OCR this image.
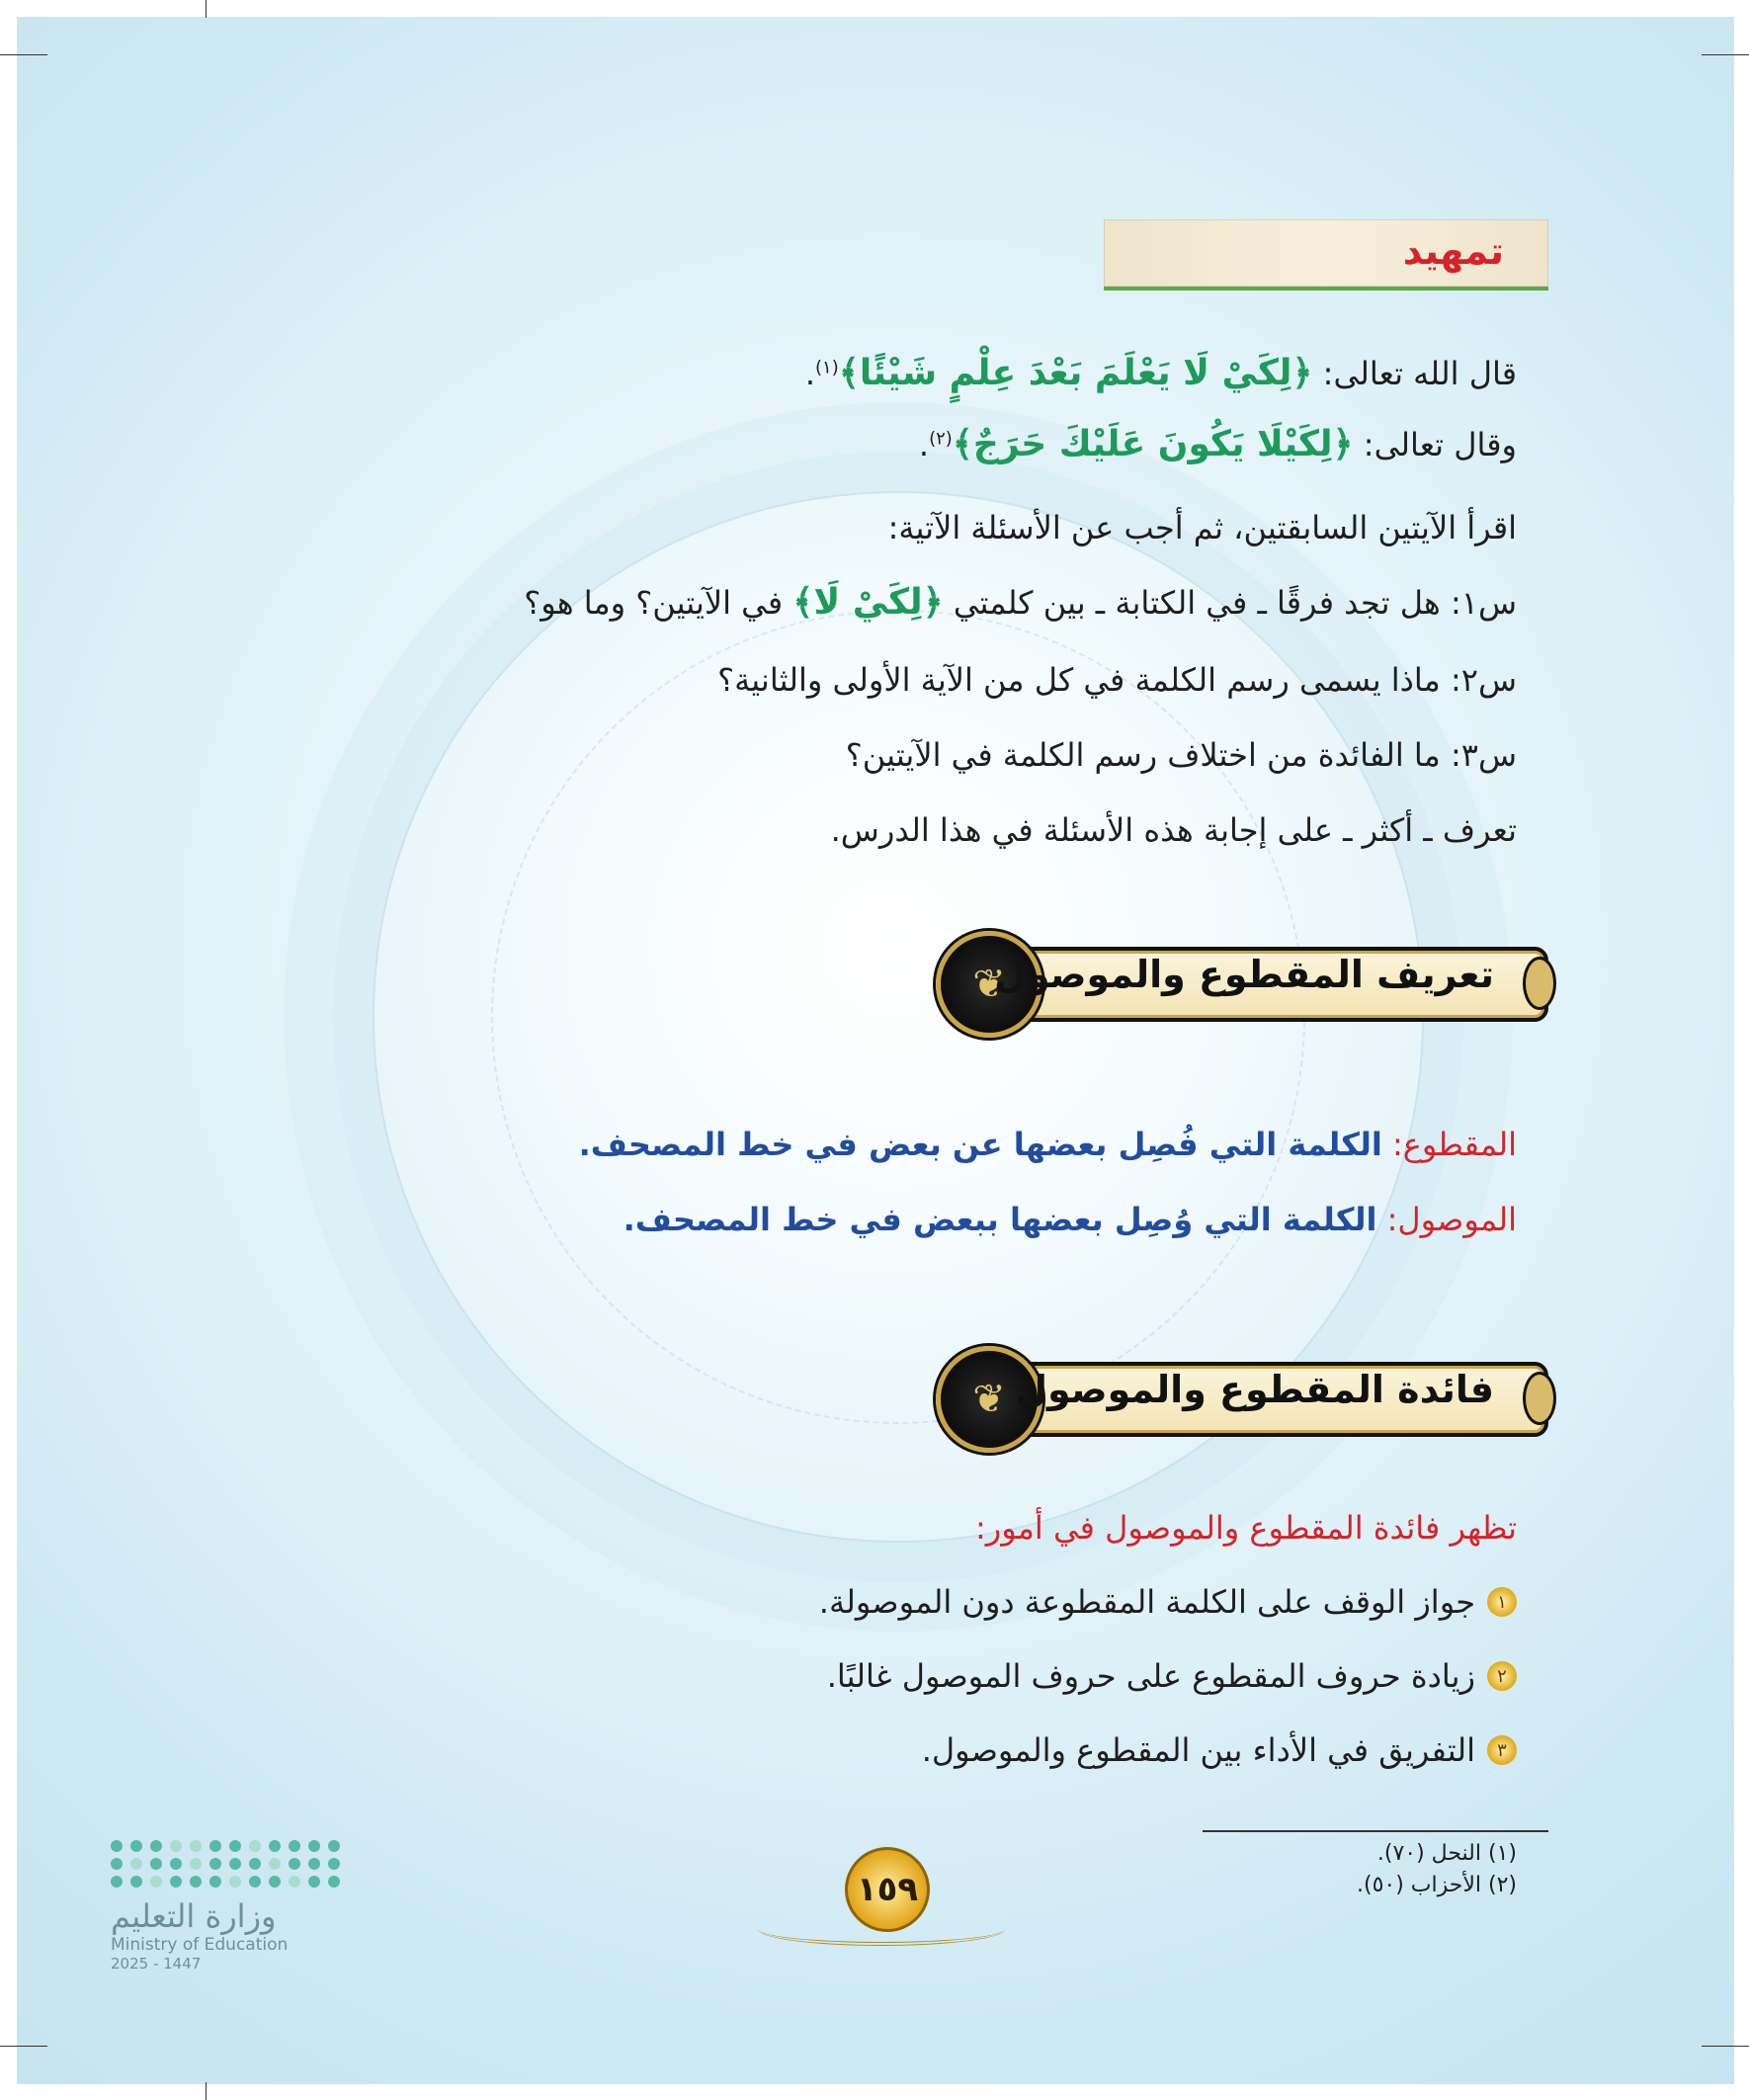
تمهيد
قال الله تعالى: ﴿لِكَيْ لَا يَعْلَمَ بَعْدَ عِلْمٍ شَيْئًا﴾$^{(١)}$.
وقال تعالى: ﴿لِكَيْلَا يَكُونَ عَلَيْكَ حَرَجٌ﴾$^{(٢)}$.
اقرأ الآيتين السابقتين، ثم أجب عن الأسئلة الآتية:
س١: هل تجد فرقًا ـ في الكتابة ـ بين كلمتي ﴿لِكَيْ لَا﴾ في الآيتين؟ وما هو؟
س٢: ماذا يسمى رسم الكلمة في كل من الآية الأولى والثانية؟
س٣: ما الفائدة من اختلاف رسم الكلمة في الآيتين؟
تعرف ـ أكثر ـ على إجابة هذه الأسئلة في هذا الدرس.
❦
تعريف المقطوع والموصول
المقطوع: الكلمة التي فُصِل بعضها عن بعض في خط المصحف.
الموصول: الكلمة التي وُصِل بعضها ببعض في خط المصحف.
❦ فائدة المقطوع والموصول
تظهر فائدة المقطوع والموصول في أمور:
١
جواز الوقف على الكلمة المقطوعة دون الموصولة.
٢
زيادة حروف المقطوع على حروف الموصول غالبًا.
٣
التفريق في الأداء بين المقطوع والموصول.
(١) النحل (٧٠).
(٢) الأحزاب (٥٠).
١٥٩
وزارة التعليم
Ministry of Education
2025 - 1447
